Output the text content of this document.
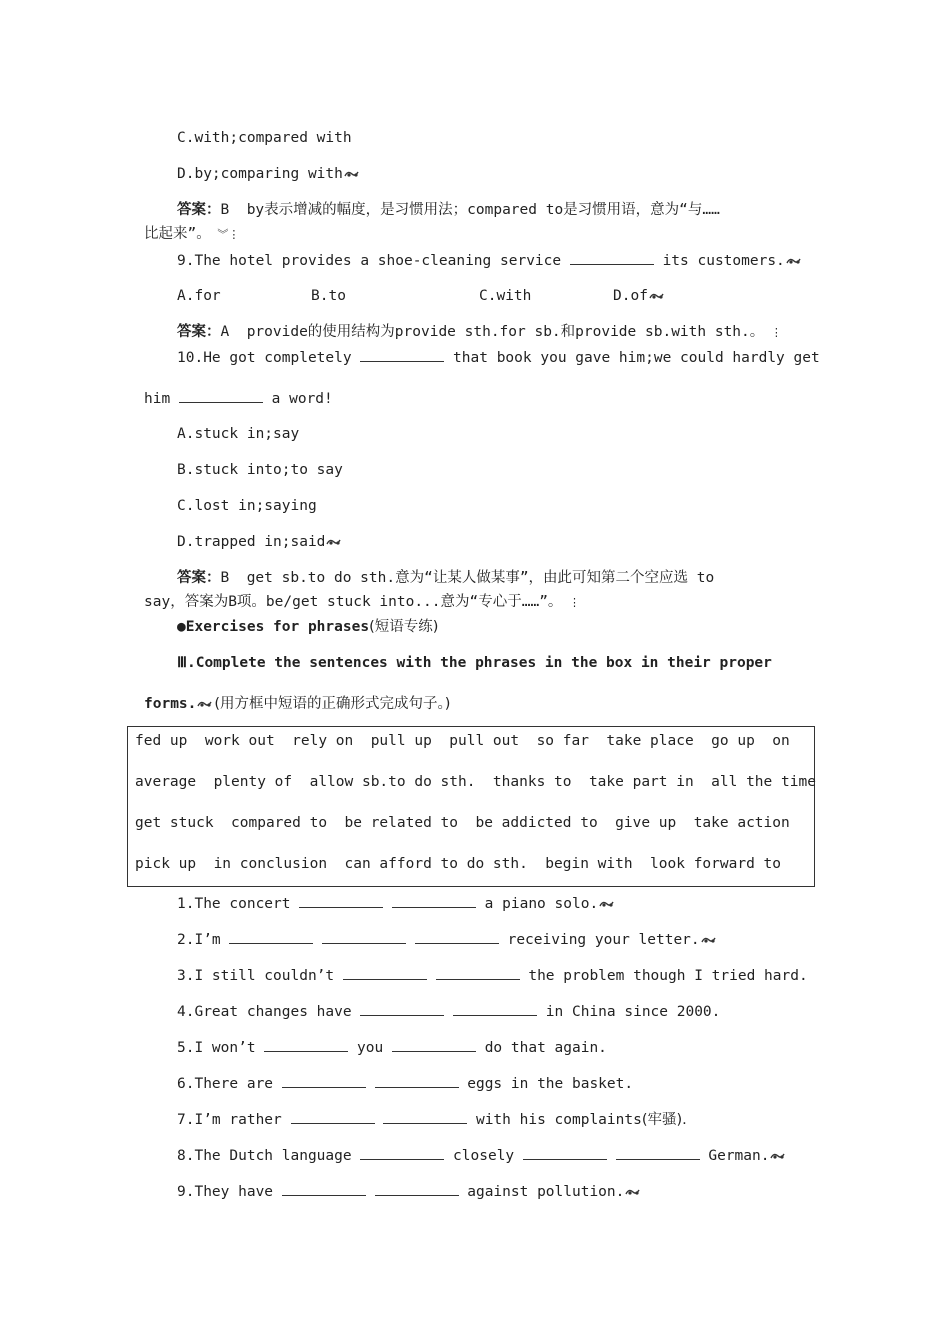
C.with;compared with
D.by;comparing with
答案：B  by表示增减的幅度，是习惯用法；compared to是习惯用语，意为“与……
比起来”。 ︾⋮
9.The hotel provides a shoe-cleaning service	its customers.
A.for	B.to	C.with	D.of
答案：A  provide的使用结构为provide sth.for sb.和provide sb.with sth.。 ⋮
10.He got completely	that book you gave him;we could hardly get
him	a word!
A.stuck in;say
B.stuck into;to say
C.lost in;saying
D.trapped in;said
答案：B  get sb.to do sth.意为“让某人做某事”，由此可知第二个空应选 to
say，答案为B项。be/get stuck into...意为“专心于……”。 ⋮
●Exercises for phrases(短语专练)
Ⅲ.Complete the sentences with the phrases in the box in their proper
forms. (用方框中短语的正确形式完成句子。)
fed up  work out  rely on  pull up  pull out  so far  take place  go up  on
average  plenty of  allow sb.to do sth.  thanks to  take part in  all the time
get stuck  compared to  be related to  be addicted to  give up  take action
pick up  in conclusion  can afford to do sth.  begin with  look forward to
1.The concert	a piano solo.
2.I’m	receiving your letter.
3.I still couldn’t	the problem though I tried hard.
4.Great changes have	in China since 2000.
5.I won’t	you	do that again.
6.There are	eggs in the basket.
7.I’m rather	with his complaints(牢骚).
8.The Dutch language	closely	German.
9.They have	against pollution.
